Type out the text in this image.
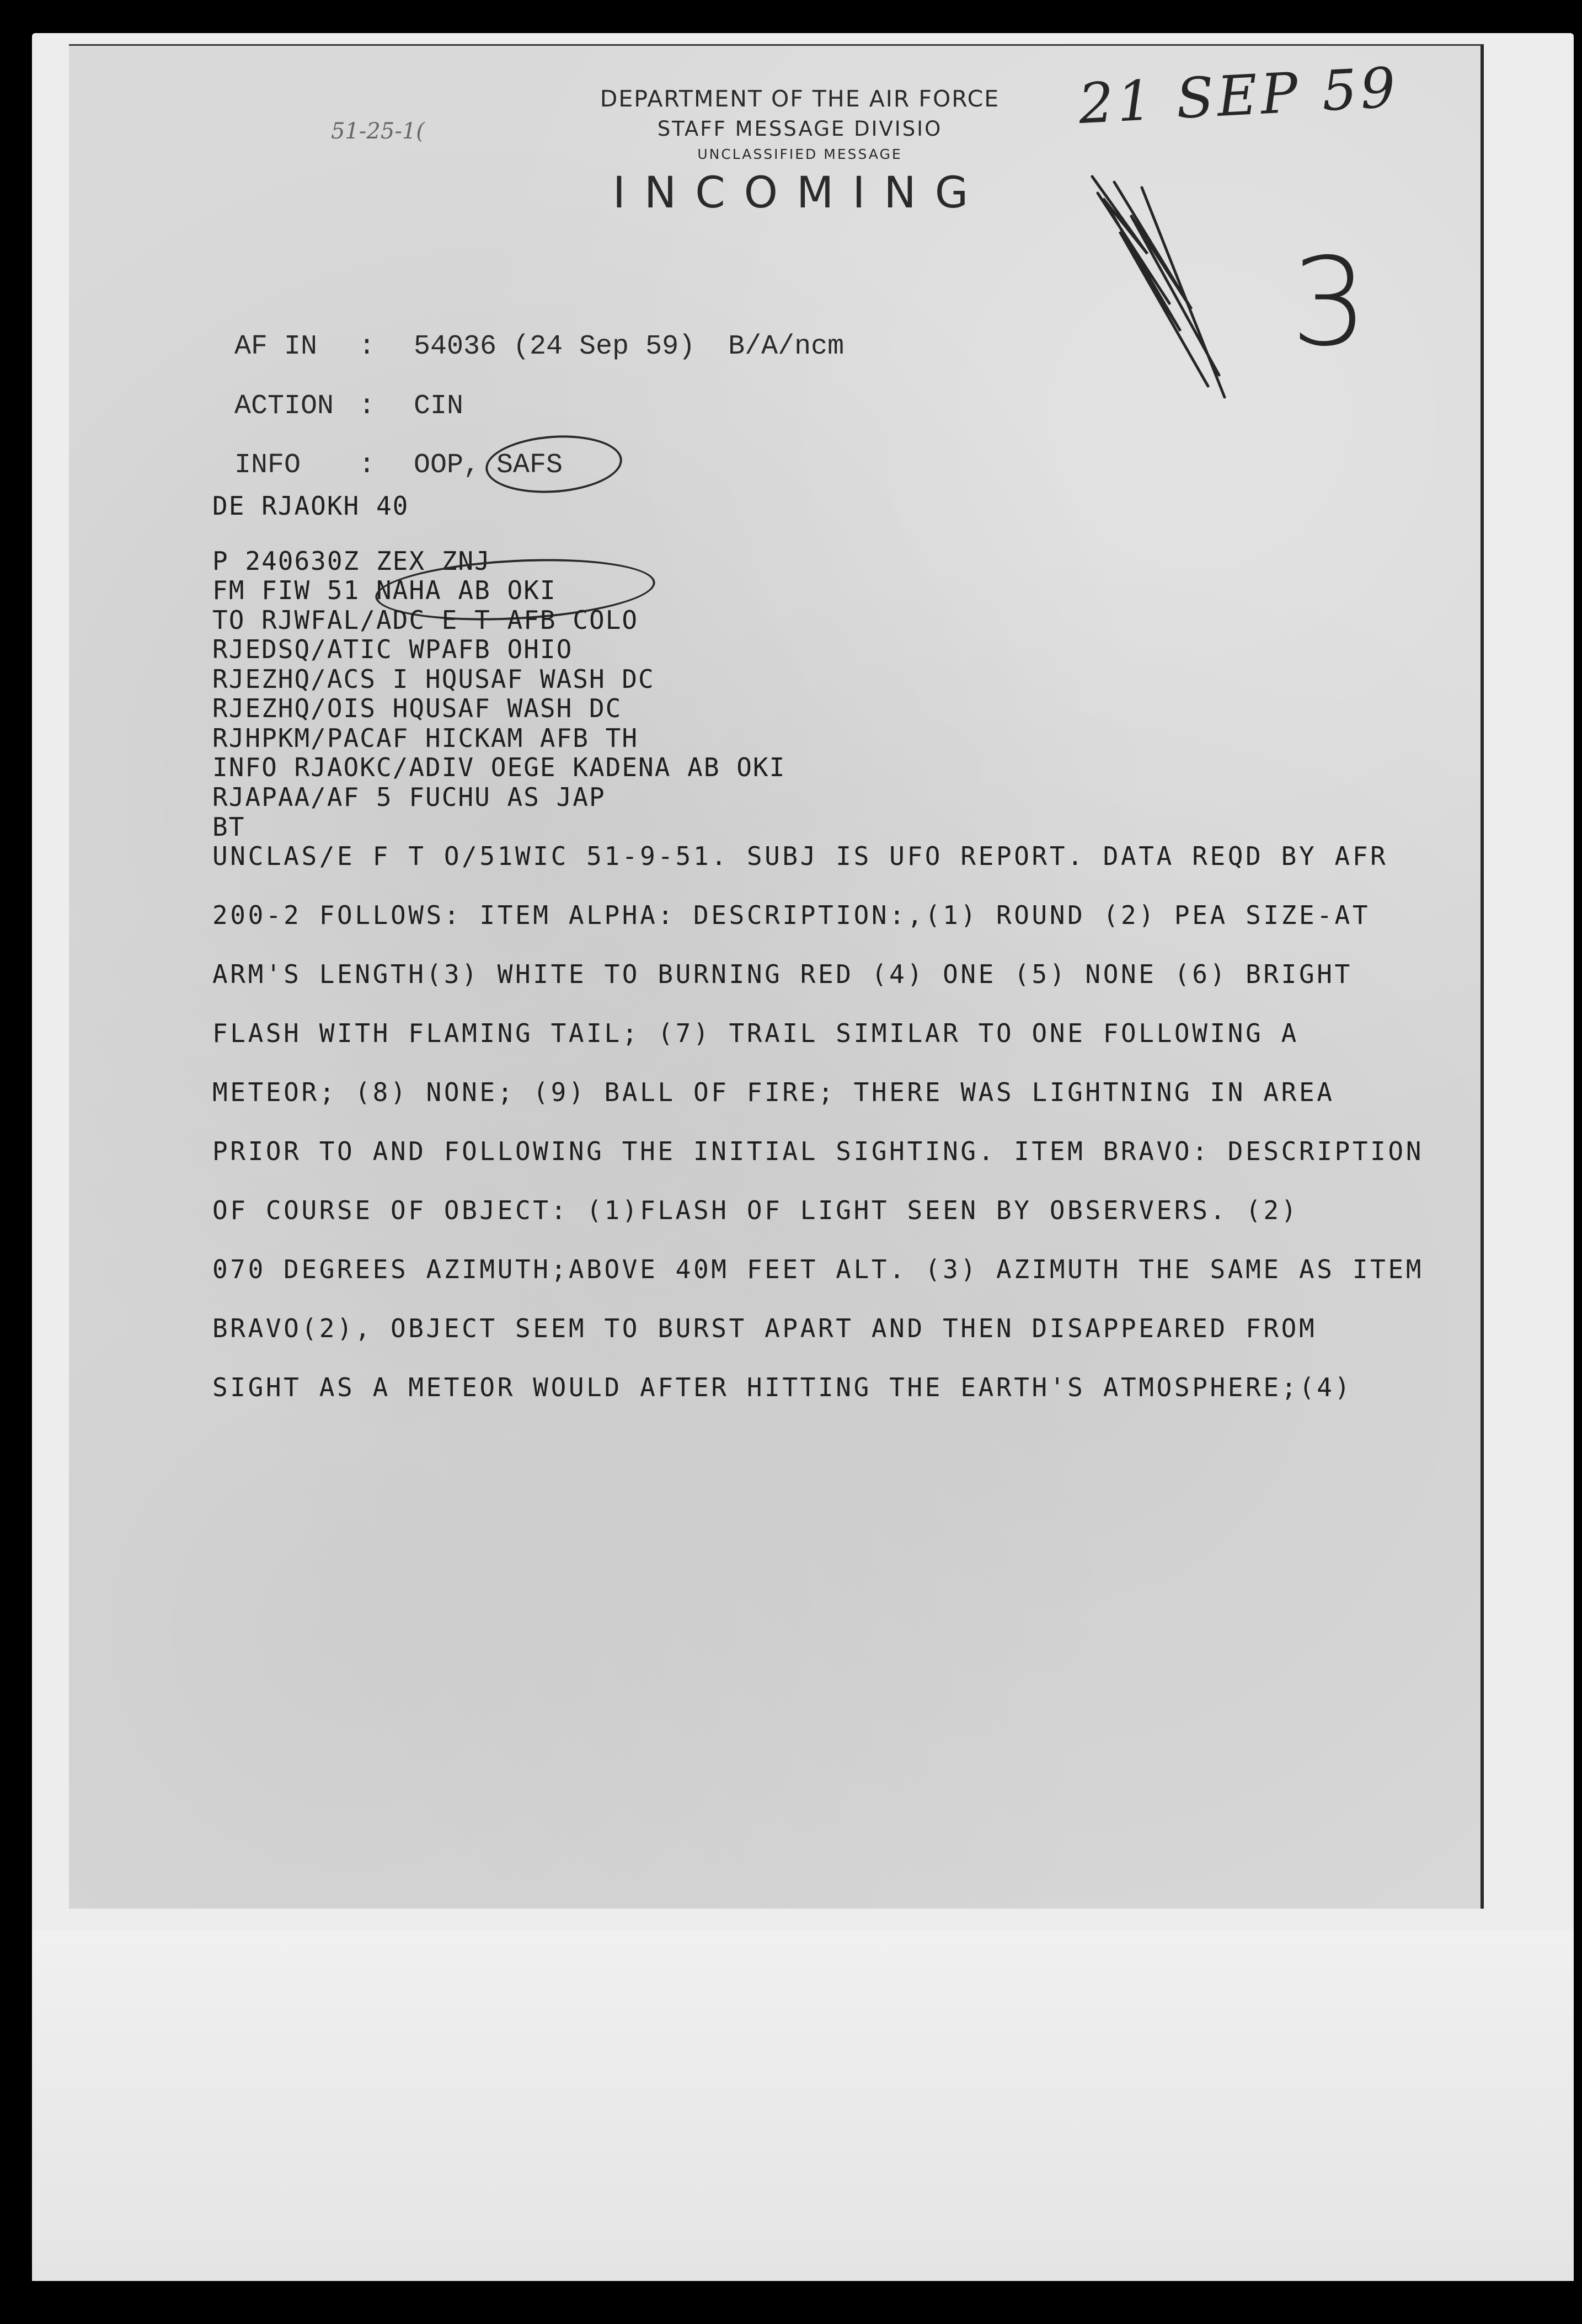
DEPARTMENT OF THE AIR FORCE
STAFF MESSAGE DIVISIO
UNCLASSIFIED MESSAGE
INCOMING
21 SEP 59
3
51-25-1(
AF IN : 54036 (24 Sep 59)  B/A/ncm
ACTION : CIN
INFO : OOP, SAFS
DE RJAOKH 40
P 240630Z ZEX ZNJ
FM FIW 51 NAHA AB OKI
TO RJWFAL/ADC E T AFB COLO
RJEDSQ/ATIC WPAFB OHIO
RJEZHQ/ACS I HQUSAF WASH DC
RJEZHQ/OIS HQUSAF WASH DC
RJHPKM/PACAF HICKAM AFB TH
INFO RJAOKC/ADIV OEGE KADENA AB OKI
RJAPAA/AF 5 FUCHU AS JAP
BT
UNCLAS/E F T O/51WIC 51-9-51. SUBJ IS UFO REPORT. DATA REQD BY AFR
200-2 FOLLOWS: ITEM ALPHA: DESCRIPTION:,(1) ROUND (2) PEA SIZE-AT
ARM'S LENGTH(3) WHITE TO BURNING RED (4) ONE (5) NONE (6) BRIGHT
FLASH WITH FLAMING TAIL; (7) TRAIL SIMILAR TO ONE FOLLOWING A
METEOR; (8) NONE; (9) BALL OF FIRE; THERE WAS LIGHTNING IN AREA
PRIOR TO AND FOLLOWING THE INITIAL SIGHTING. ITEM BRAVO: DESCRIPTION
OF COURSE OF OBJECT: (1)FLASH OF LIGHT SEEN BY OBSERVERS. (2)
070 DEGREES AZIMUTH;ABOVE 40M FEET ALT. (3) AZIMUTH THE SAME AS ITEM
BRAVO(2), OBJECT SEEM TO BURST APART AND THEN DISAPPEARED FROM
SIGHT AS A METEOR WOULD AFTER HITTING THE EARTH'S ATMOSPHERE;(4)
